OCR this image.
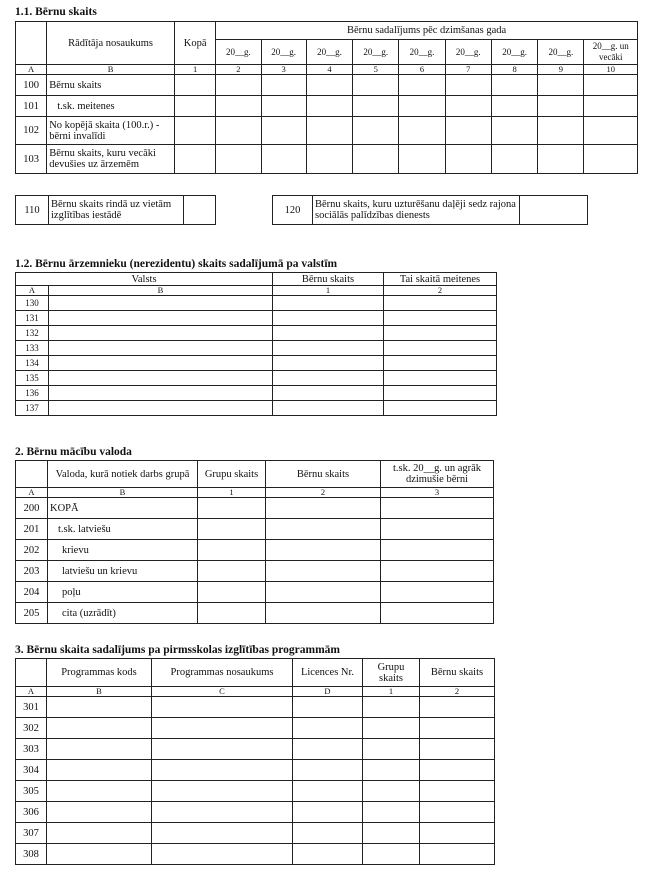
1.1. Bērnu skaits
	Rādītāja nosaukums	Kopā	Bērnu sadalījums pēc dzimšanas gada								
			20__g.	20__g.	20__g.	20__g.	20__g.	20__g.	20__g.	20__g.	20__g. un vecāki
A	B	1	2	3	4	5	6	7	8	9	10
100	Bērnu skaits										
101	t.sk. meitenes										
102	No kopējā skaita (100.r.) - bērni invalīdi										
103	Bērnu skaits, kuru vecāki devušies uz ārzemēm										
110	Bērnu skaits rindā uz vietām izglītības iestādē		120	Bērnu skaits, kuru uzturēšanu daļēji sedz rajona sociālās palīdzības dienests	
1.2. Bērnu ārzemnieku (nerezidentu) skaits sadalījumā pa valstīm
Valsts		Bērnu skaits	Tai skaitā meitenes
A	B	1	2
130			
131			
132			
133			
134			
135			
136			
137			
2. Bērnu mācību valoda
	Valoda, kurā notiek darbs grupā	Grupu skaits	Bērnu skaits	t.sk. 20__g. un agrāk dzimušie bērni
A	B	1	2	3
200	KOPĀ			
201	t.sk. latviešu			
202	krievu			
203	latviešu un krievu			
204	poļu			
205	cita (uzrādīt)			
3. Bērnu skaita sadalījums pa pirmsskolas izglītības programmām
	Programmas kods	Programmas nosaukums	Licences Nr.	Grupu skaits	Bērnu skaits
A	B	C	D	1	2
301					
302					
303					
304					
305					
306					
307					
308					
